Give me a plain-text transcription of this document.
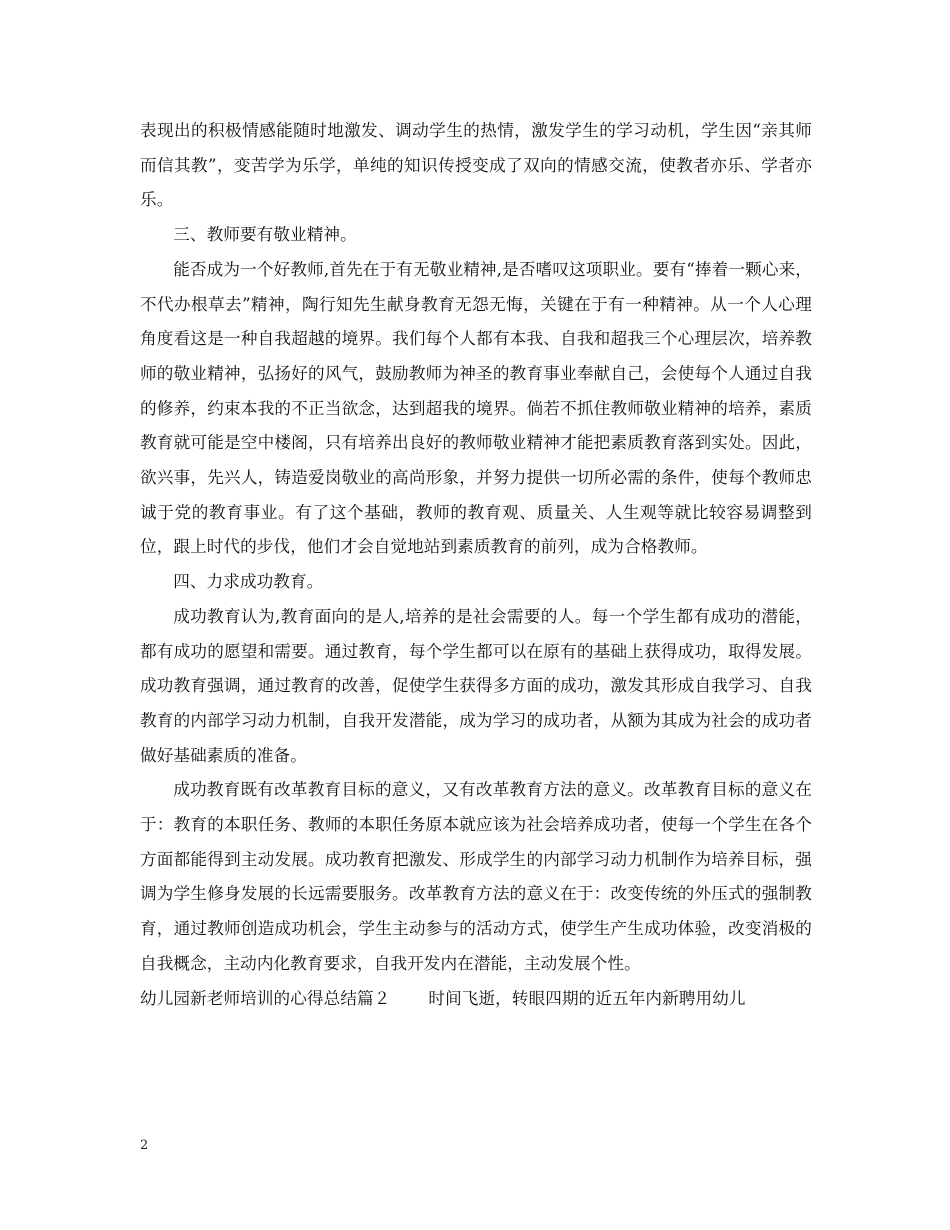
表现出的积极情感能随时地激发、调动学生的热情，激发学生的学习动机，学生因“亲其师而信其教”，变苦学为乐学，单纯的知识传授变成了双向的情感交流，使教者亦乐、学者亦乐。

三、教师要有敬业精神。

能否成为一个好教师,首先在于有无敬业精神,是否嗜叹这项职业。要有“捧着一颗心来，不代办根草去”精神，陶行知先生献身教育无怨无悔，关键在于有一种精神。从一个人心理角度看这是一种自我超越的境界。我们每个人都有本我、自我和超我三个心理层次，培养教师的敬业精神，弘扬好的风气，鼓励教师为神圣的教育事业奉献自己，会使每个人通过自我的修养，约束本我的不正当欲念，达到超我的境界。倘若不抓住教师敬业精神的培养，素质教育就可能是空中楼阁，只有培养出良好的教师敬业精神才能把素质教育落到实处。因此，欲兴事，先兴人，铸造爱岗敬业的高尚形象，并努力提供一切所必需的条件，使每个教师忠诚于党的教育事业。有了这个基础，教师的教育观、质量关、人生观等就比较容易调整到位，跟上时代的步伐，他们才会自觉地站到素质教育的前列，成为合格教师。

四、力求成功教育。

成功教育认为,教育面向的是人,培养的是社会需要的人。每一个学生都有成功的潜能，都有成功的愿望和需要。通过教育，每个学生都可以在原有的基础上获得成功，取得发展。成功教育强调，通过教育的改善，促使学生获得多方面的成功，激发其形成自我学习、自我教育的内部学习动力机制，自我开发潜能，成为学习的成功者，从额为其成为社会的成功者做好基础素质的准备。

成功教育既有改革教育目标的意义，又有改革教育方法的意义。改革教育目标的意义在于：教育的本职任务、教师的本职任务原本就应该为社会培养成功者，使每一个学生在各个方面都能得到主动发展。成功教育把激发、形成学生的内部学习动力机制作为培养目标，强调为学生修身发展的长远需要服务。改革教育方法的意义在于：改变传统的外压式的强制教育，通过教师创造成功机会，学生主动参与的活动方式，使学生产生成功体验，改变消极的自我概念，主动内化教育要求，自我开发内在潜能，主动发展个性。

幼儿园新老师培训的心得总结篇２ 时间飞逝，转眼四期的近五年内新聘用幼儿

2
